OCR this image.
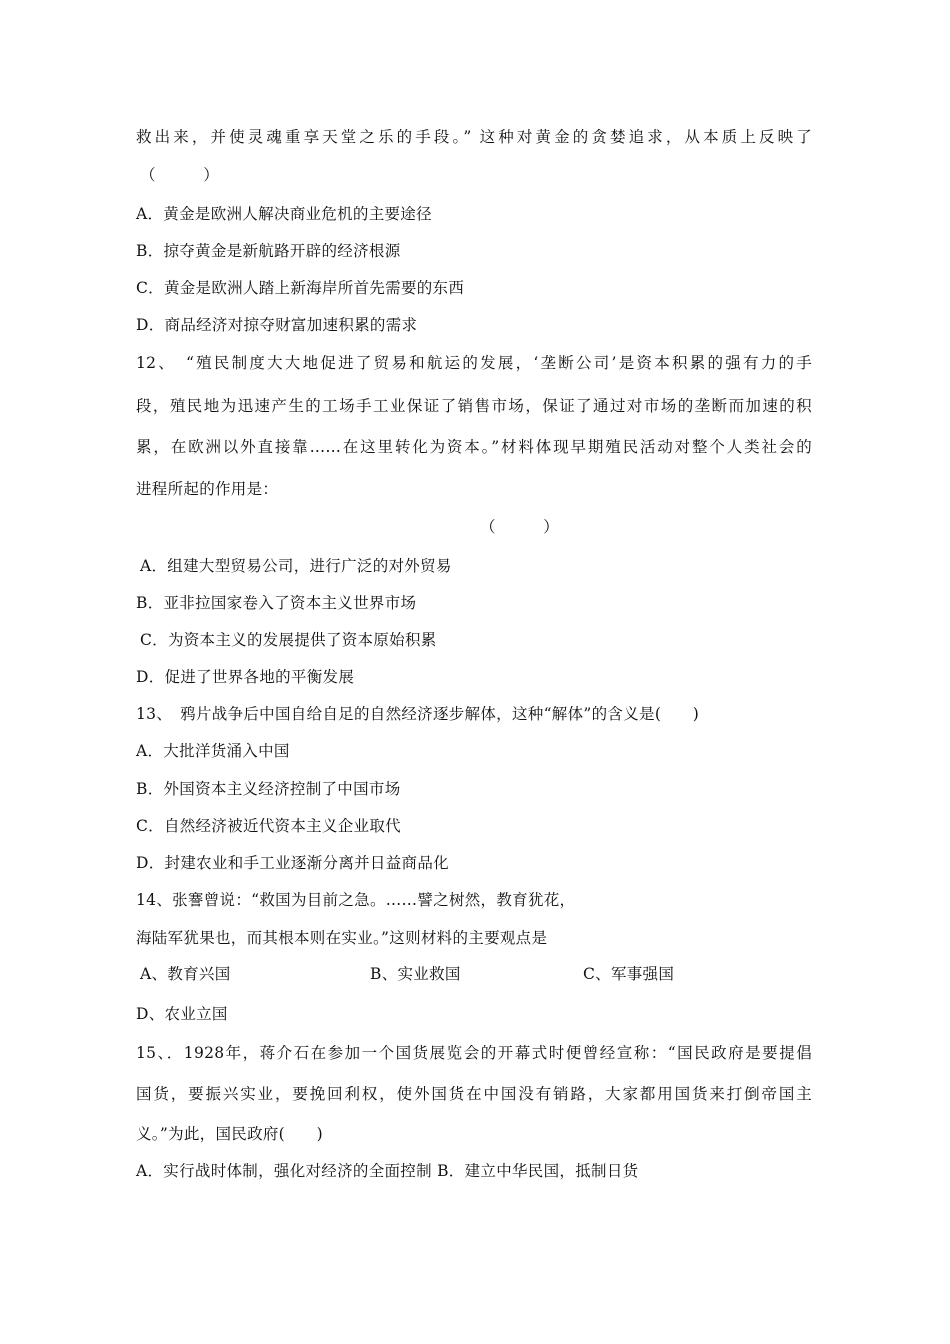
救出来，并使灵魂重享天堂之乐的手段。” 这种对黄金的贪婪追求，从本质上反映了
（　　　）
A．黄金是欧洲人解决商业危机的主要途径
B．掠夺黄金是新航路开辟的经济根源
C．黄金是欧洲人踏上新海岸所首先需要的东西
D．商品经济对掠夺财富加速积累的需求
12、　“殖民制度大大地促进了贸易和航运的发展，‘垄断公司’是资本积累的强有力的手
段，殖民地为迅速产生的工场手工业保证了销售市场，保证了通过对市场的垄断而加速的积
累，在欧洲以外直接靠……在这里转化为资本。”材料体现早期殖民活动对整个人类社会的
进程所起的作用是：
（　　　）
A．组建大型贸易公司，进行广泛的对外贸易
B．亚非拉国家卷入了资本主义世界市场
C．为资本主义的发展提供了资本原始积累
D．促进了世界各地的平衡发展
13、　鸦片战争后中国自给自足的自然经济逐步解体，这种“解体”的含义是(　　)
A．大批洋货涌入中国
B．外国资本主义经济控制了中国市场
C．自然经济被近代资本主义企业取代
D．封建农业和手工业逐渐分离并日益商品化
14、张謇曾说：“救国为目前之急。……譬之树然，教育犹花，
海陆军犹果也，而其根本则在实业。”这则材料的主要观点是
A、教育兴国	B、实业救国	C、军事强国
D、农业立国
15、．1928年，蒋介石在参加一个国货展览会的开幕式时便曾经宣称：“国民政府是要提倡
国货，要振兴实业，要挽回利权，使外国货在中国没有销路，大家都用国货来打倒帝国主
义。”为此，国民政府(　　)
A．实行战时体制，强化对经济的全面控制 B．建立中华民国，抵制日货
